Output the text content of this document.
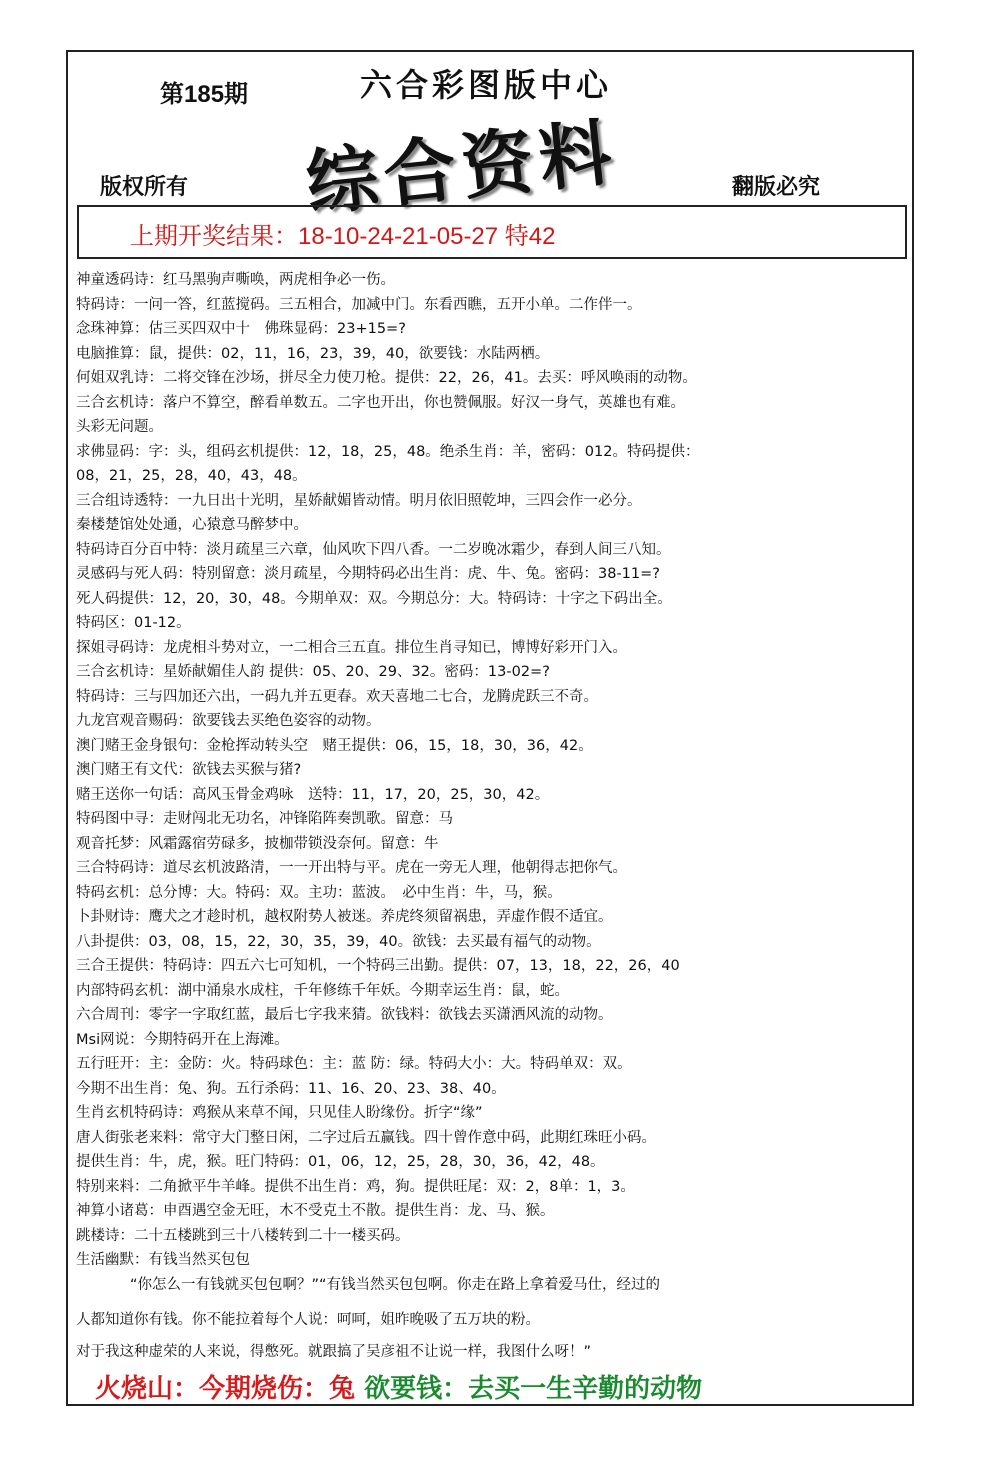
第185期	六合彩图版中心
综合资料
版权所有	翻版必究
上期开奖结果：18-10-24-21-05-27 特42
神童透码诗：红马黑驹声嘶唤，两虎相争必一伤。
特码诗：一问一答，红蓝搅码。三五相合，加减中门。东看西瞧，五开小单。二作伴一。
念珠神算：估三买四双中十　佛珠显码：23+15=?
电脑推算：鼠，提供：02，11，16，23，39，40，欲要钱：水陆两栖。
何姐双乳诗：二将交锋在沙场，拼尽全力使刀枪。提供：22，26，41。去买：呼风唤雨的动物。
三合玄机诗：落户不算空，醉看单数五。二字也开出，你也赞佩服。好汉一身气，英雄也有难。
头彩无问题。
求佛显码：字：头，组码玄机提供：12，18，25，48。绝杀生肖：羊，密码：012。特码提供：
08，21，25，28，40，43，48。
三合组诗透特：一九日出十光明，星娇献媚皆动情。明月依旧照乾坤，三四会作一必分。
秦楼楚馆处处通，心猿意马醉梦中。
特码诗百分百中特：淡月疏星三六章，仙风吹下四八香。一二岁晚冰霜少，春到人间三八知。
灵感码与死人码：特别留意：淡月疏星，今期特码必出生肖：虎、牛、兔。密码：38-11=?
死人码提供：12，20，30，48。今期单双：双。今期总分：大。特码诗：十字之下码出全。
特码区：01-12。
探姐寻码诗：龙虎相斗势对立，一二相合三五直。排位生肖寻知已，博博好彩开门入。
三合玄机诗：星娇献媚佳人韵 提供：05、20、29、32。密码：13-02=?
特码诗：三与四加还六出，一码九并五更春。欢天喜地二七合，龙腾虎跃三不奇。
九龙宫观音赐码：欲要钱去买绝色姿容的动物。
澳门赌王金身银句：金枪挥动转头空　赌王提供：06，15，18，30，36，42。
澳门赌王有文代：欲钱去买猴与猪?
赌王送你一句话：高风玉骨金鸡咏　送特：11，17，20，25，30，42。
特码图中寻：走财闯北无功名，冲锋陷阵奏凯歌。留意：马
观音托梦：风霜露宿劳碌多，披枷带锁没奈何。留意：牛
三合特码诗：道尽玄机波路清，一一开出特与平。虎在一旁无人理，他朝得志把你气。
特码玄机：总分博：大。特码：双。主功：蓝波。　必中生肖：牛，马，猴。
卜卦财诗：鹰犬之才趁时机，越权附势人被迷。养虎终须留祸患，弄虚作假不适宜。
八卦提供：03，08，15，22，30，35，39，40。欲钱：去买最有福气的动物。
三合王提供：特码诗：四五六七可知机，一个特码三出勤。提供：07，13，18，22，26，40
内部特码玄机：湖中涌泉水成柱，千年修练千年妖。今期幸运生肖：鼠，蛇。
六合周刊：零字一字取红蓝，最后七字我来猜。欲钱料：欲钱去买潇洒风流的动物。
Msi网说：今期特码开在上海滩。
五行旺开：主：金防：火。特码球色：主：蓝 防：绿。特码大小：大。特码单双：双。
今期不出生肖：兔、狗。五行杀码：11、16、20、23、38、40。
生肖玄机特码诗：鸡猴从来草不闻，只见佳人盼缘份。折字“缘”
唐人街张老来料：常守大门整日闲，二字过后五赢钱。四十曾作意中码，此期红珠旺小码。
提供生肖：牛，虎，猴。旺门特码：01，06，12，25，28，30，36，42，48。
特别来料：二角掀平牛羊峰。提供不出生肖：鸡，狗。提供旺尾：双：2，8单：1，3。
神算小诸葛：申酉遇空金无旺，木不受克土不散。提供生肖：龙、马、猴。
跳楼诗：二十五楼跳到三十八楼转到二十一楼买码。
生活幽默：有钱当然买包包
“你怎么一有钱就买包包啊？”“有钱当然买包包啊。你走在路上拿着爱马仕，经过的
人都知道你有钱。你不能拉着每个人说：呵呵，姐昨晚吸了五万块的粉。
对于我这种虚荣的人来说，得憋死。就跟搞了吴彦祖不让说一样，我图什么呀！”
火烧山：今期烧伤：兔 欲要钱：去买一生辛勤的动物
